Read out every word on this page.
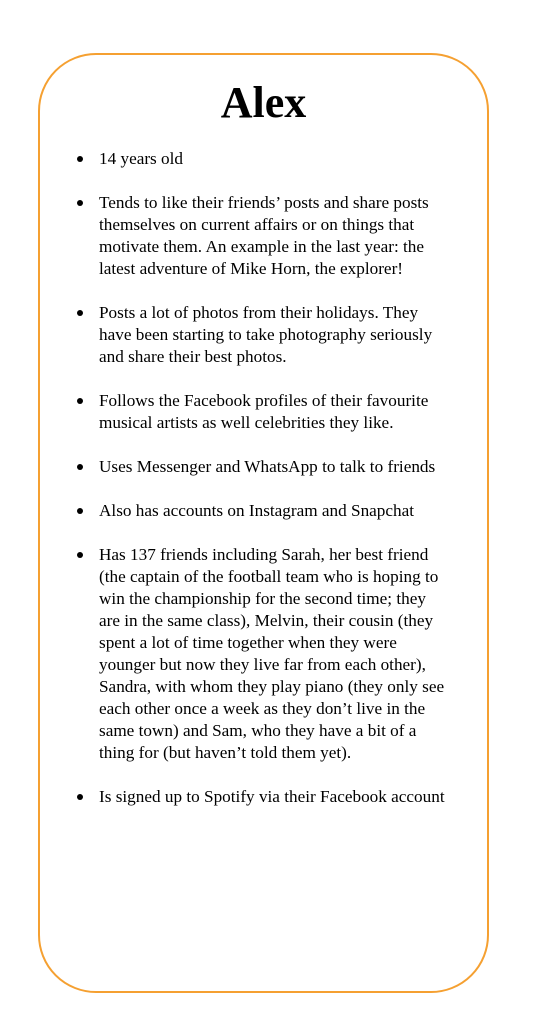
Alex
14 years old
Tends to like their friends’ posts and share posts themselves on current affairs or on things that motivate them. An example in the last year: the latest adventure of Mike Horn, the explorer!
Posts a lot of photos from their holidays. They have been starting to take photography seriously and share their best photos.
Follows the Facebook profiles of their favourite musical artists as well celebrities they like.
Uses Messenger and WhatsApp to talk to friends
Also has accounts on Instagram and Snapchat
Has 137 friends including Sarah, her best friend (the captain of the football team who is hoping to win the championship for the second time; they are in the same class), Melvin, their cousin (they spent a lot of time together when they were younger but now they live far from each other), Sandra, with whom they play piano (they only see each other once a week as they don’t live in the same town) and Sam, who they have a bit of a thing for (but haven’t told them yet).
Is signed up to Spotify via their Facebook account
